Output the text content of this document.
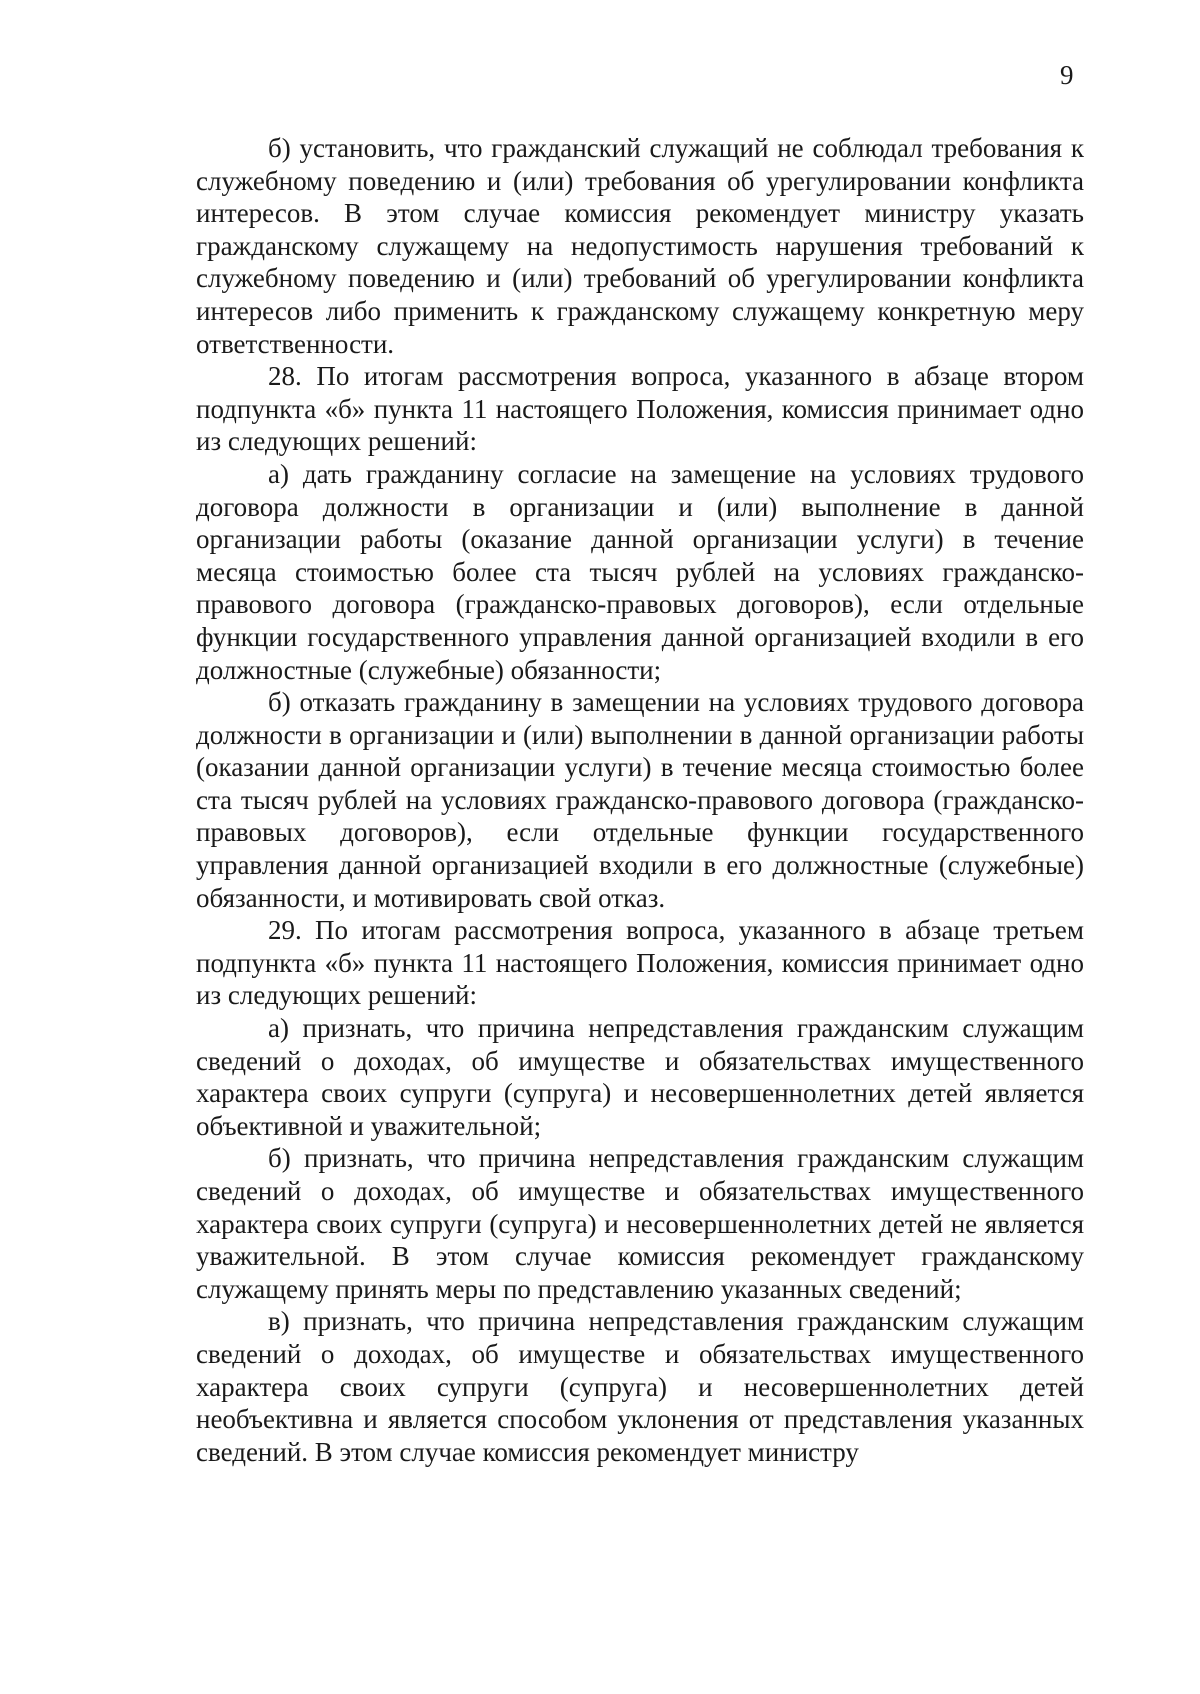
9

б) установить, что гражданский служащий не соблюдал требования к служебному поведению и (или) требования об урегулировании конфликта интересов. В этом случае комиссия рекомендует министру указать гражданскому служащему на недопустимость нарушения требований к служебному поведению и (или) требований об урегулировании конфликта интересов либо применить к гражданскому служащему конкретную меру ответственности.

28. По итогам рассмотрения вопроса, указанного в абзаце втором подпункта «б» пункта 11 настоящего Положения, комиссия принимает одно из следующих решений:

а) дать гражданину согласие на замещение на условиях трудового договора должности в организации и (или) выполнение в данной организации работы (оказание данной организации услуги) в течение месяца стоимостью более ста тысяч рублей на условиях гражданско-правового договора (гражданско-правовых договоров), если отдельные функции государственного управления данной организацией входили в его должностные (служебные) обязанности;

б) отказать гражданину в замещении на условиях трудового договора должности в организации и (или) выполнении в данной организации работы (оказании данной организации услуги) в течение месяца стоимостью более ста тысяч рублей на условиях гражданско-правового договора (гражданско-правовых договоров), если отдельные функции государственного управления данной организацией входили в его должностные (служебные) обязанности, и мотивировать свой отказ.

29. По итогам рассмотрения вопроса, указанного в абзаце третьем подпункта «б» пункта 11 настоящего Положения, комиссия принимает одно из следующих решений:

а) признать, что причина непредставления гражданским служащим сведений о доходах, об имуществе и обязательствах имущественного характера своих супруги (супруга) и несовершеннолетних детей является объективной и уважительной;

б) признать, что причина непредставления гражданским служащим сведений о доходах, об имуществе и обязательствах имущественного характера своих супруги (супруга) и несовершеннолетних детей не является уважительной. В этом случае комиссия рекомендует гражданскому служащему принять меры по представлению указанных сведений;

в) признать, что причина непредставления гражданским служащим сведений о доходах, об имуществе и обязательствах имущественного характера своих супруги (супруга) и несовершеннолетних детей необъективна и является способом уклонения от представления указанных сведений. В этом случае комиссия рекомендует министру
